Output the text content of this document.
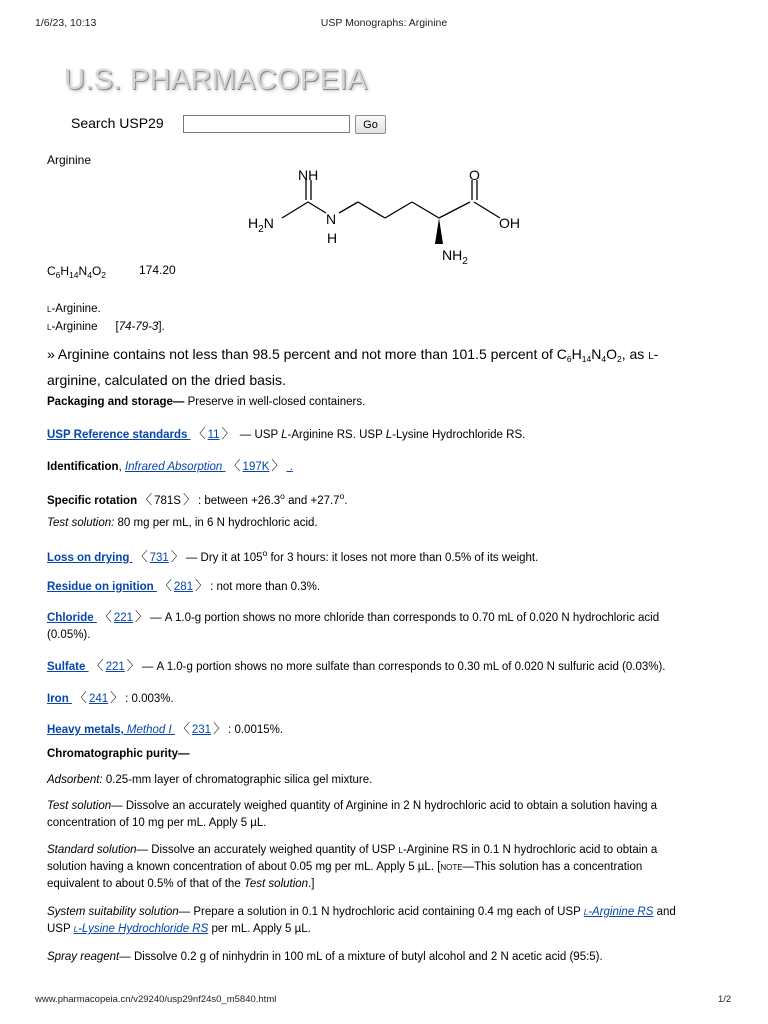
1/6/23, 10:13	USP Monographs: Arginine
U.S. PHARMACOPEIA
Search USP29	Go
Arginine
NH
$H_2N$	N
H
O
OH
$NH_2$
$C_6H_{14}N_4O_2$	174.20
l-Arginine.
l-Arginine [74-79-3].
» Arginine contains not less than 98.5 percent and not more than 101.5 percent of $C_6H_{14}N_4O_2$, as l-
arginine, calculated on the dried basis.
Packaging and storage— Preserve in well-closed containers.
USP Reference standards 〈 11 〉 — USP L-Arginine RS. USP L-Lysine Hydrochloride RS.
Identification, Infrared Absorption 〈 197K 〉 .
Specific rotation 〈 781S 〉 : between $+26.3^o$ and $+27.7^o$.
Test solution: 80 mg per mL, in 6 N hydrochloric acid.
Loss on drying 〈 731 〉 — Dry it at 105$^o$ for 3 hours: it loses not more than 0.5% of its weight.
Residue on ignition 〈 281 〉 : not more than 0.3%.
Chloride 〈 221 〉 — A 1.0-g portion shows no more chloride than corresponds to 0.70 mL of 0.020 N hydrochloric acid
(0.05%).
Sulfate 〈 221 〉 — A 1.0-g portion shows no more sulfate than corresponds to 0.30 mL of 0.020 N sulfuric acid (0.03%).
Iron 〈 241 〉 : 0.003%.
Heavy metals, Method I 〈 231 〉 : 0.0015%.
Chromatographic purity—
Adsorbent: 0.25-mm layer of chromatographic silica gel mixture.
Test solution— Dissolve an accurately weighed quantity of Arginine in 2 N hydrochloric acid to obtain a solution having a
concentration of 10 mg per mL. Apply 5 µL.
Standard solution— Dissolve an accurately weighed quantity of USP l-Arginine RS in 0.1 N hydrochloric acid to obtain a
solution having a known concentration of about 0.05 mg per mL. Apply 5 µL. [note—This solution has a concentration
equivalent to about 0.5% of that of the Test solution.]
System suitability solution— Prepare a solution in 0.1 N hydrochloric acid containing 0.4 mg each of USP l-Arginine RS and
USP l-Lysine Hydrochloride RS per mL. Apply 5 µL.
Spray reagent— Dissolve 0.2 g of ninhydrin in 100 mL of a mixture of butyl alcohol and 2 N acetic acid (95:5).
www.pharmacopeia.cn/v29240/usp29nf24s0_m5840.html	1/2
